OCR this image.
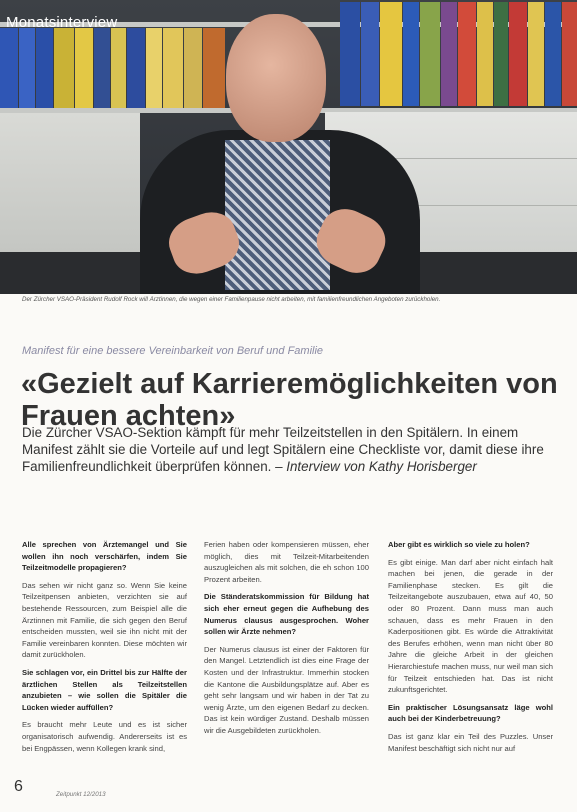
Monatsinterview
Der Zürcher VSAO-Präsident Rudolf Rock will Ärztinnen, die wegen einer Familienpause nicht arbeiten, mit familienfreundlichen Angeboten zurückholen.
Manifest für eine bessere Vereinbarkeit von Beruf und Familie
«Gezielt auf Karrieremöglichkeiten von Frauen achten»
Die Zürcher VSAO-Sektion kämpft für mehr Teilzeitstellen in den Spitälern. In einem Manifest zählt sie die Vorteile auf und legt Spitälern eine Checkliste vor, damit diese ihre Familienfreundlichkeit überprüfen können. – Interview von Kathy Horisberger

Alle sprechen von Ärztemangel und Sie wollen ihn noch verschärfen, indem Sie Teilzeitmodelle propagieren?

Das sehen wir nicht ganz so. Wenn Sie keine Teilzeitpensen anbieten, verzichten sie auf bestehende Ressourcen, zum Beispiel alle die Ärztinnen mit Familie, die sich gegen den Beruf entscheiden mussten, weil sie ihn nicht mit der Familie vereinbaren konnten. Diese möchten wir damit zurückholen.

Sie schlagen vor, ein Drittel bis zur Hälfte der ärztlichen Stellen als Teilzeitstellen anzubieten – wie sollen die Spitäler die Lücken wieder auffüllen?

Es braucht mehr Leute und es ist sicher organisatorisch aufwendig. Andererseits ist es bei Engpässen, wenn Kollegen krank sind,

Ferien haben oder kompensieren müssen, eher möglich, dies mit Teilzeit-Mitarbeitenden auszugleichen als mit solchen, die eh schon 100 Prozent arbeiten.

Die Ständeratskommission für Bildung hat sich eher erneut gegen die Aufhebung des Numerus clausus ausgesprochen. Woher sollen wir Ärzte nehmen?

Der Numerus clausus ist einer der Faktoren für den Mangel. Letztendlich ist dies eine Frage der Kosten und der Infrastruktur. Immerhin stocken die Kantone die Ausbildungsplätze auf. Aber es geht sehr langsam und wir haben in der Tat zu wenig Ärzte, um den eigenen Bedarf zu decken. Das ist kein würdiger Zustand. Deshalb müssen wir die Ausgebildeten zurückholen.

Aber gibt es wirklich so viele zu holen?

Es gibt einige. Man darf aber nicht einfach halt machen bei jenen, die gerade in der Familienphase stecken. Es gilt die Teilzeitangebote auszubauen, etwa auf 40, 50 oder 80 Prozent. Dann muss man auch schauen, dass es mehr Frauen in den Kaderpositionen gibt. Es würde die Attraktivität des Berufes erhöhen, wenn man nicht über 80 Jahre die gleiche Arbeit in der gleichen Hierarchiestufe machen muss, nur weil man sich für Teilzeit entschieden hat. Das ist nicht zukunftsgerichtet.

Ein praktischer Lösungsansatz läge wohl auch bei der Kinderbetreuung?

Das ist ganz klar ein Teil des Puzzles. Unser Manifest beschäftigt sich nicht nur auf

6	Zeitpunkt 12/2013
